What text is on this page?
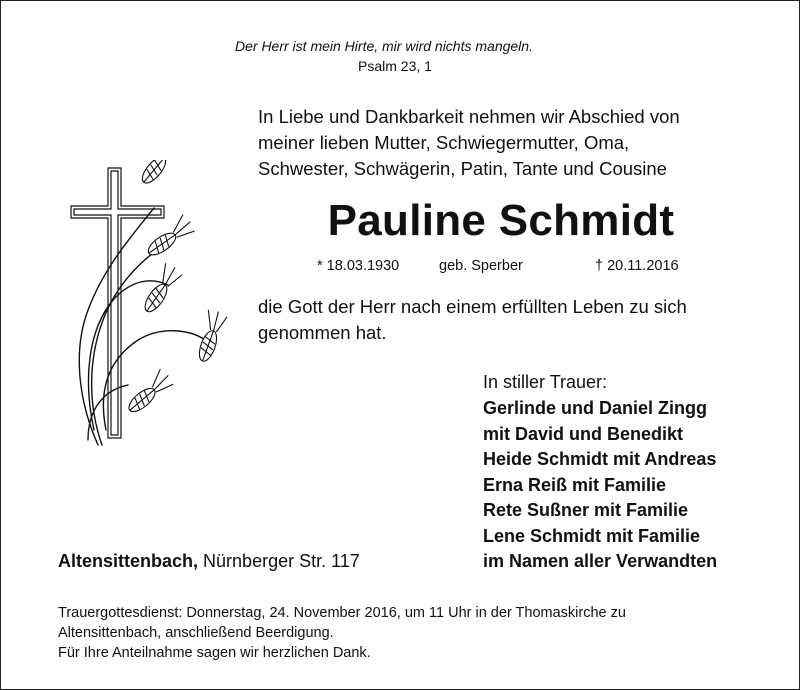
Der Herr ist mein Hirte, mir wird nichts mangeln.
Psalm 23, 1
In Liebe und Dankbarkeit nehmen wir Abschied von
meiner lieben Mutter, Schwiegermutter, Oma,
Schwester, Schwägerin, Patin, Tante und Cousine
Pauline Schmidt
* 18.03.1930	geb. Sperber	† 20.11.2016
die Gott der Herr nach einem erfüllten Leben zu sich
genommen hat.
In stiller Trauer:
Gerlinde und Daniel Zingg
mit David und Benedikt
Heide Schmidt mit Andreas
Erna Reiß mit Familie
Rete Sußner mit Familie
Lene Schmidt mit Familie
im Namen aller Verwandten
Altensittenbach, Nürnberger Str. 117
Trauergottesdienst: Donnerstag, 24. November 2016, um 11 Uhr in der Thomaskirche zu
Altensittenbach, anschließend Beerdigung.
Für Ihre Anteilnahme sagen wir herzlichen Dank.
